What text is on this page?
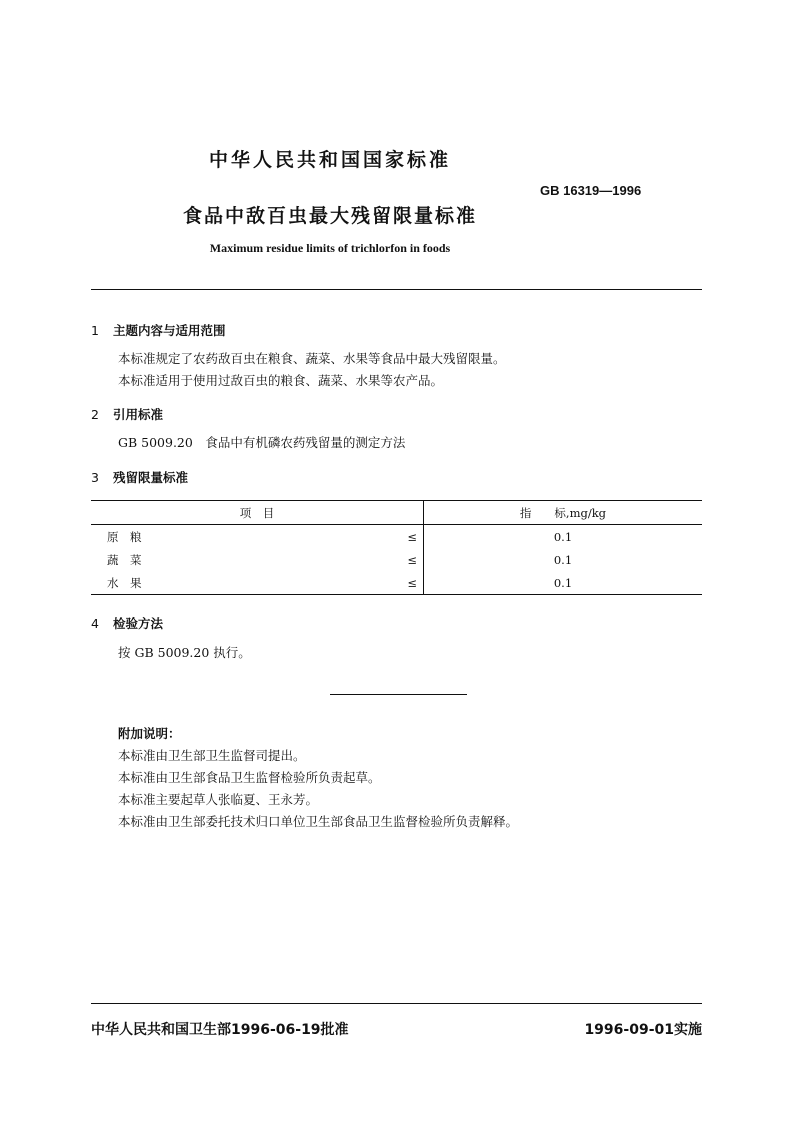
中华人民共和国国家标准
GB 16319—1996
食品中敌百虫最大残留限量标准
Maximum residue limits of trichlorfon in foods
1 主题内容与适用范围
本标准规定了农药敌百虫在粮食、蔬菜、水果等食品中最大残留限量。
本标准适用于使用过敌百虫的粮食、蔬菜、水果等农产品。
2 引用标准
GB 5009.20　食品中有机磷农药残留量的测定方法
3 残留限量标准
项　目		指　　标,mg/kg
原　粮	≤	0.1
蔬　菜	≤	0.1
水　果	≤	0.1
4 检验方法
按 GB 5009.20 执行。
附加说明：
本标准由卫生部卫生监督司提出。
本标准由卫生部食品卫生监督检验所负责起草。
本标准主要起草人张临夏、王永芳。
本标准由卫生部委托技术归口单位卫生部食品卫生监督检验所负责解释。
中华人民共和国卫生部1996-06-19批准	1996-09-01实施
